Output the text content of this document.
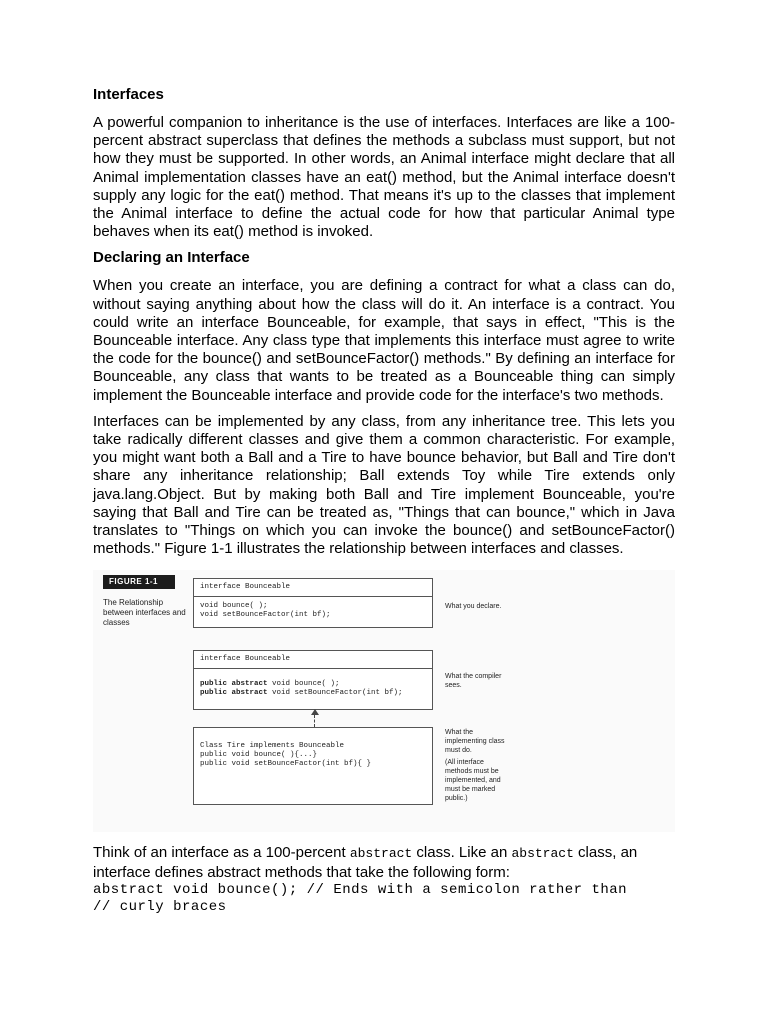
Interfaces

A powerful companion to inheritance is the use of interfaces. Interfaces are like a 100-percent abstract superclass that defines the methods a subclass must support, but not how they must be supported. In other words, an Animal interface might declare that all Animal implementation classes have an eat() method, but the Animal interface doesn't supply any logic for the eat() method. That means it's up to the classes that implement the Animal interface to define the actual code for how that particular Animal type behaves when its eat() method is invoked.

Declaring an Interface

When you create an interface, you are defining a contract for what a class can do, without saying anything about how the class will do it. An interface is a contract. You could write an interface Bounceable, for example, that says in effect, "This is the Bounceable interface. Any class type that implements this interface must agree to write the code for the bounce() and setBounceFactor() methods." By defining an interface for Bounceable, any class that wants to be treated as a Bounceable thing can simply implement the Bounceable interface and provide code for the interface's two methods.

Interfaces can be implemented by any class, from any inheritance tree. This lets you take radically different classes and give them a common characteristic. For example, you might want both a Ball and a Tire to have bounce behavior, but Ball and Tire don't share any inheritance relationship; Ball extends Toy while Tire extends only java.lang.Object. But by making both Ball and Tire implement Bounceable, you're saying that Ball and Tire can be treated as, "Things that can bounce," which in Java translates to "Things on which you can invoke the bounce() and setBounceFactor() methods." Figure 1-1 illustrates the relationship between interfaces and classes.

FIGURE 1-1
The Relationship between interfaces and classes
interface Bounceable
void bounce( );
void setBounceFactor(int bf);
What you declare.
interface Bounceable
public abstract void bounce( );
public abstract void setBounceFactor(int bf);
What the compiler sees.
Class Tire implements Bounceable
public void bounce( ){...}
public void setBounceFactor(int bf){ }
What the implementing class must do.
(All interface methods must be implemented, and must be marked public.)

Think of an interface as a 100-percent abstract class. Like an abstract class, an interface defines abstract methods that take the following form:

abstract void bounce(); // Ends with a semicolon rather than

// curly braces
